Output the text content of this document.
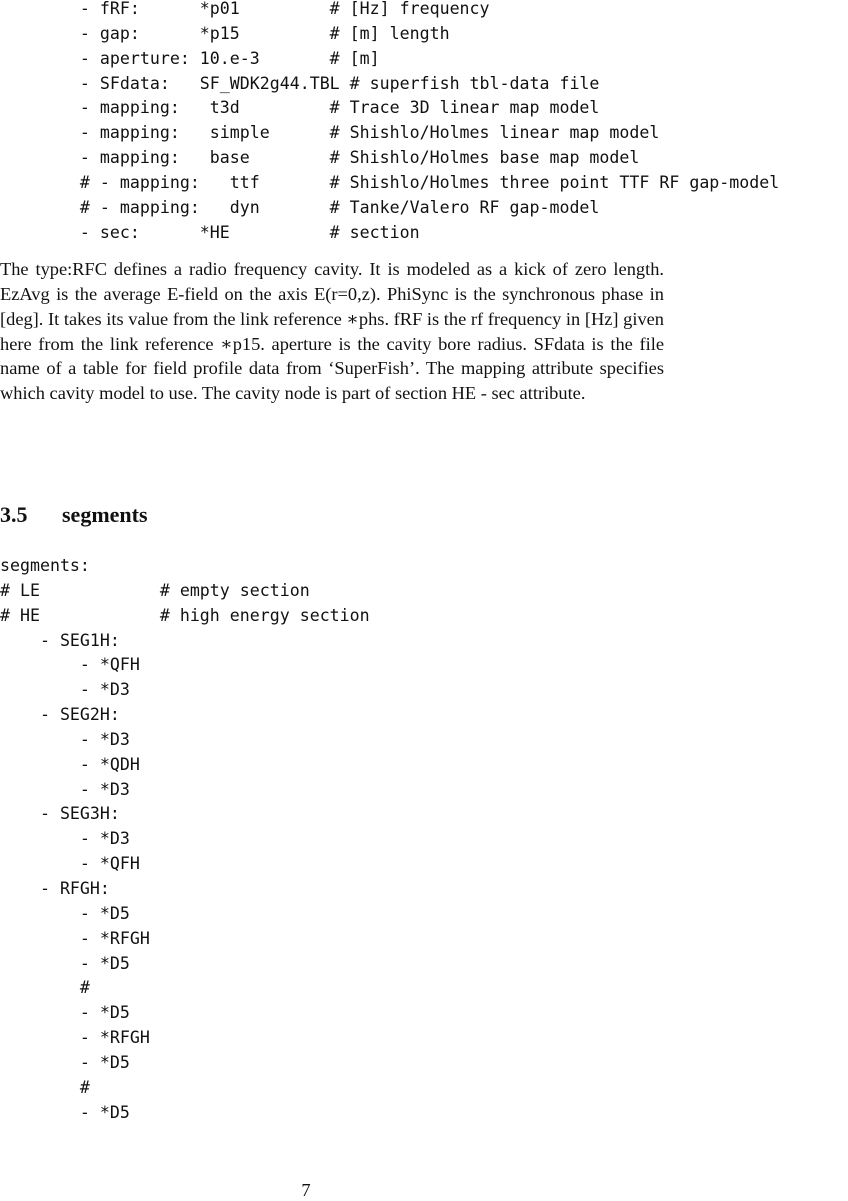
- fRF:      *p01         # [Hz] frequency
- gap:      *p15         # [m] length
- aperture: 10.e-3       # [m]
- SFdata:   SF_WDK2g44.TBL # superfish tbl-data file
- mapping:   t3d         # Trace 3D linear map model
- mapping:   simple      # Shishlo/Holmes linear map model
- mapping:   base        # Shishlo/Holmes base map model
# - mapping:   ttf       # Shishlo/Holmes three point TTF RF gap-model
# - mapping:   dyn       # Tanke/Valero RF gap-model
- sec:      *HE          # section

The type:RFC defines a radio frequency cavity. It is modeled as a kick of zero length. EzAvg is the average E-field on the axis E(r=0,z). PhiSync is the synchronous phase in [deg]. It takes its value from the link reference ∗phs. fRF is the rf frequency in [Hz] given here from the link reference ∗p15. aperture is the cavity bore radius. SFdata is the file name of a table for field profile data from ‘SuperFish’. The mapping attribute specifies which cavity model to use. The cavity node is part of section HE - sec attribute.

3.5 segments
segments:
# LE            # empty section
# HE            # high energy section
- SEG1H:
- *QFH
- *D3
- SEG2H:
- *D3
- *QDH
- *D3
- SEG3H:
- *D3
- *QFH
- RFGH:
- *D5
- *RFGH
- *D5
#
- *D5
- *RFGH
- *D5
#
- *D5
7
